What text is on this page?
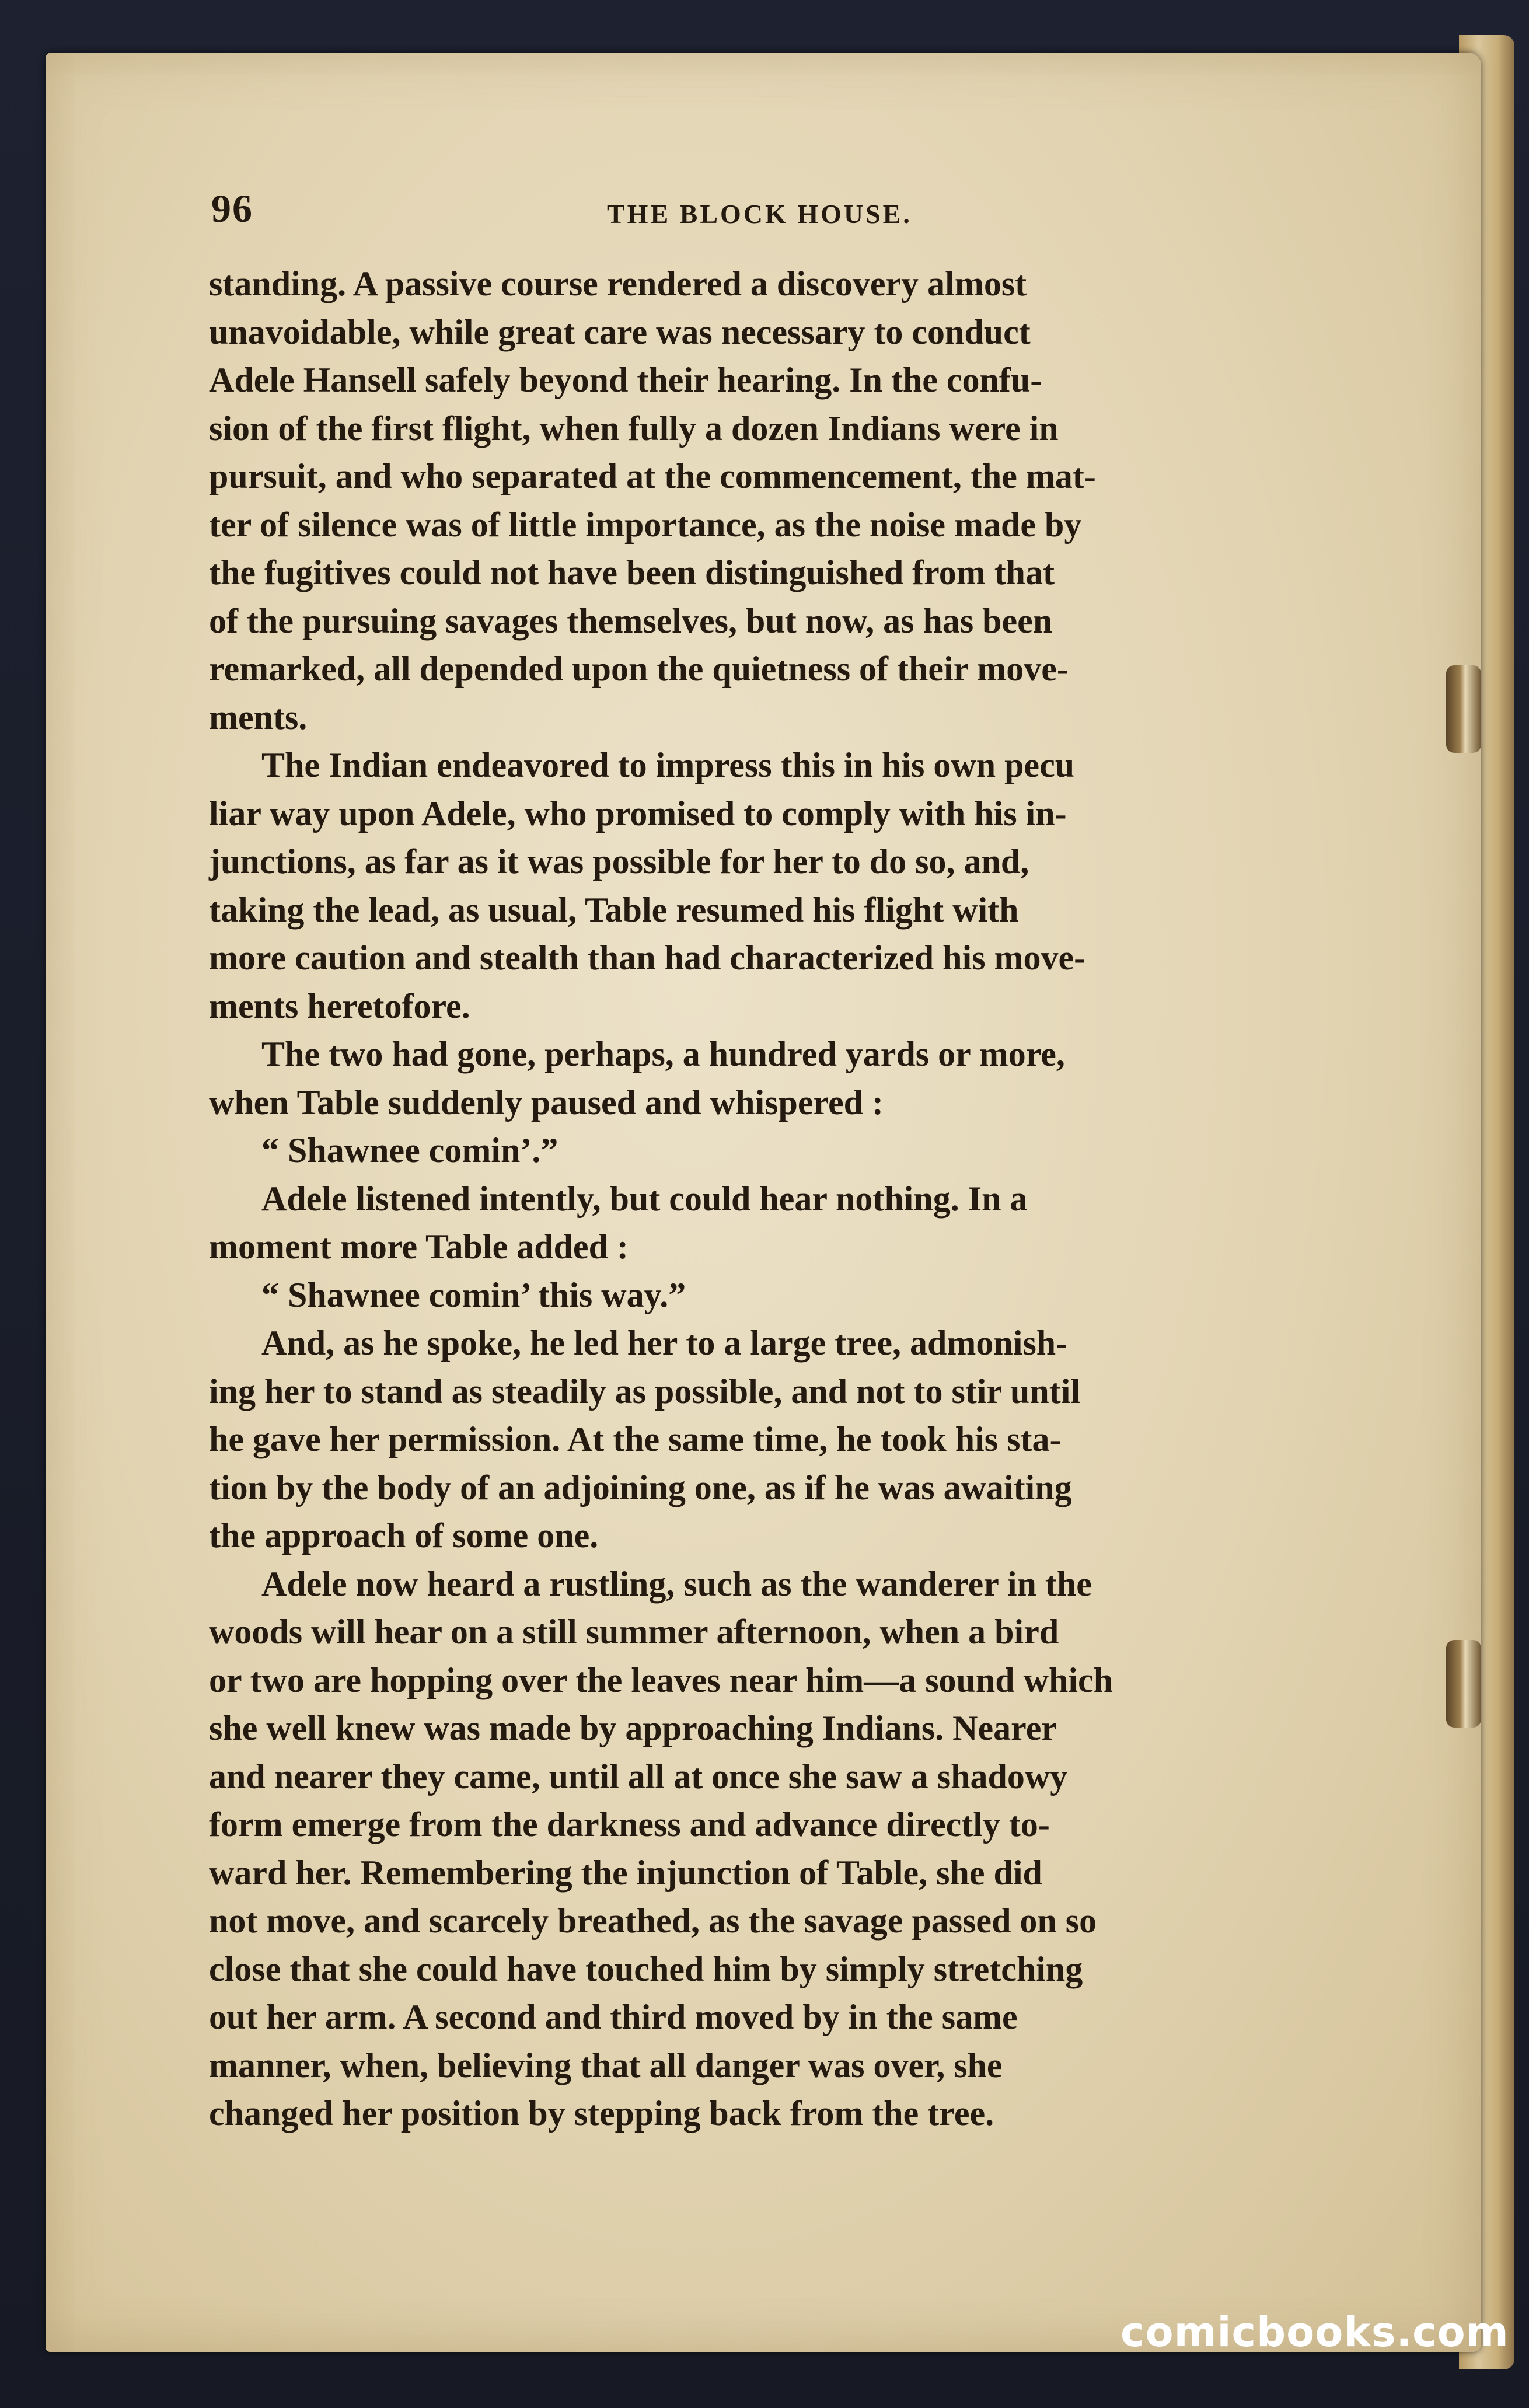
96	THE BLOCK HOUSE.
standing. A passive course rendered a discovery almost
unavoidable, while great care was necessary to conduct
Adele Hansell safely beyond their hearing. In the confu-
sion of the first flight, when fully a dozen Indians were in
pursuit, and who separated at the commencement, the mat-
ter of silence was of little importance, as the noise made by
the fugitives could not have been distinguished from that
of the pursuing savages themselves, but now, as has been
remarked, all depended upon the quietness of their move-
ments.
The Indian endeavored to impress this in his own pecu
liar way upon Adele, who promised to comply with his in-
junctions, as far as it was possible for her to do so, and,
taking the lead, as usual, Table resumed his flight with
more caution and stealth than had characterized his move-
ments heretofore.
The two had gone, perhaps, a hundred yards or more,
when Table suddenly paused and whispered :
“ Shawnee comin’.”
Adele listened intently, but could hear nothing. In a
moment more Table added :
“ Shawnee comin’ this way.”
And, as he spoke, he led her to a large tree, admonish-
ing her to stand as steadily as possible, and not to stir until
he gave her permission. At the same time, he took his sta-
tion by the body of an adjoining one, as if he was awaiting
the approach of some one.
Adele now heard a rustling, such as the wanderer in the
woods will hear on a still summer afternoon, when a bird
or two are hopping over the leaves near him—a sound which
she well knew was made by approaching Indians. Nearer
and nearer they came, until all at once she saw a shadowy
form emerge from the darkness and advance directly to-
ward her. Remembering the injunction of Table, she did
not move, and scarcely breathed, as the savage passed on so
close that she could have touched him by simply stretching
out her arm. A second and third moved by in the same
manner, when, believing that all danger was over, she
changed her position by stepping back from the tree.
comicbooks.com
